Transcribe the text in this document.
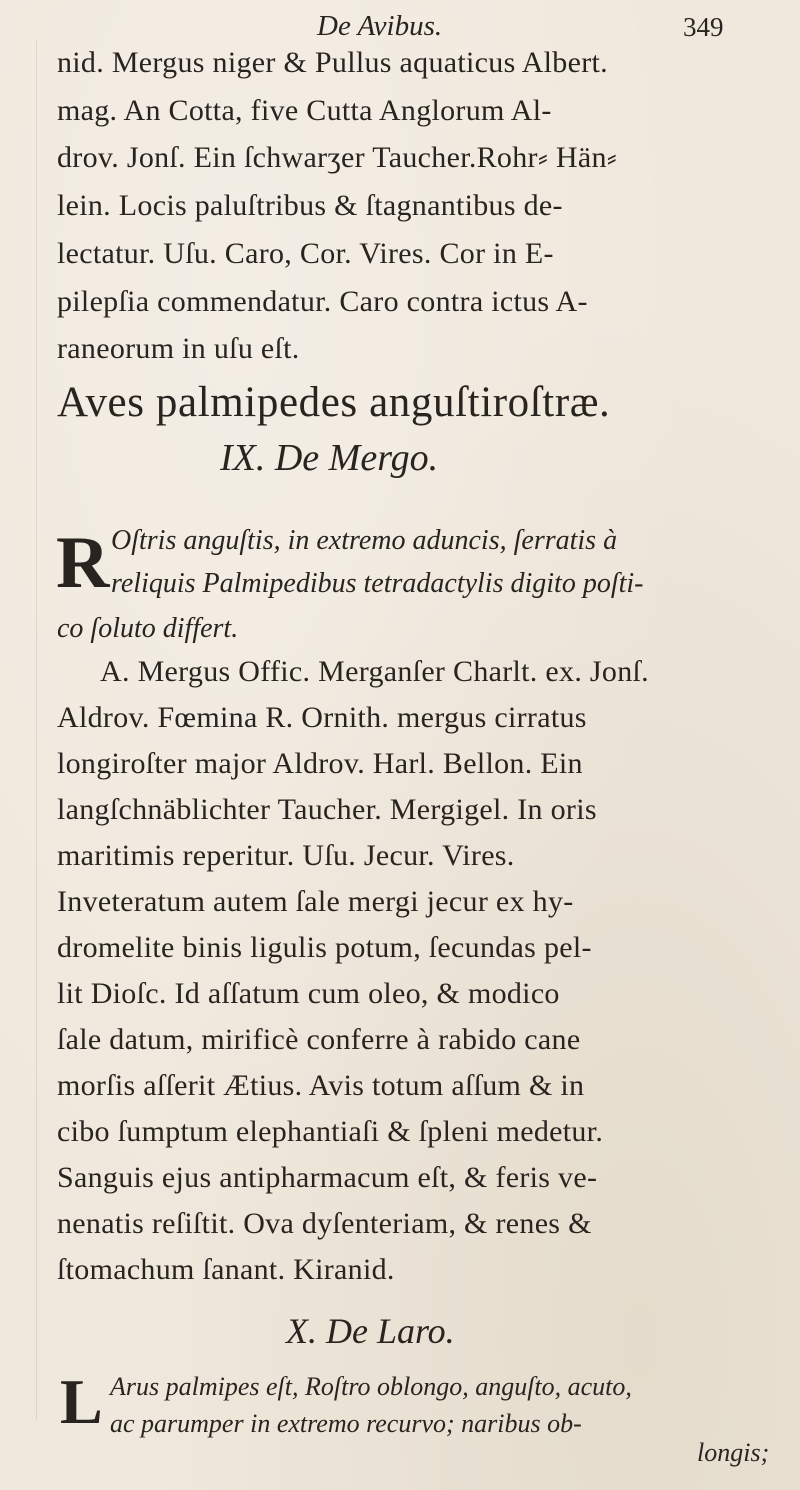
De Avibus.	349
nid. Mergus niger & Pullus aquaticus Albert.
mag. An Cotta, five Cutta Anglorum Al-
drov. Jonſ. Ein ſchwarʒer Taucher.Rohr⸗ Hän⸗
lein. Locis paluſtribus & ſtagnantibus de-
lectatur. Uſu. Caro, Cor. Vires. Cor in E-
pilepſia commendatur. Caro contra ictus A-
raneorum in uſu eſt.
Aves palmipedes anguſtiroſtræ.
IX. De Mergo.
R Oſtris anguſtis, in extremo aduncis, ſerratis à
reliquis Palmipedibus tetradactylis digito poſti-
co ſoluto differt.
A. Mergus Offic. Merganſer Charlt. ex. Jonſ.
Aldrov. Fœmina R. Ornith. mergus cirratus
longiroſter major Aldrov. Harl. Bellon. Ein
langſchnäblichter Taucher. Mergigel. In oris
maritimis reperitur. Uſu. Jecur. Vires.
Inveteratum autem ſale mergi jecur ex hy-
dromelite binis ligulis potum, ſecundas pel-
lit Dioſc. Id aſſatum cum oleo, & modico
ſale datum, mirificè conferre à rabido cane
morſis aſſerit Ætius. Avis totum aſſum & in
cibo ſumptum elephantiaſi & ſpleni medetur.
Sanguis ejus antipharmacum eſt, & feris ve-
nenatis reſiſtit. Ova dyſenteriam, & renes &
ſtomachum ſanant. Kiranid.
X. De Laro.
L Arus palmipes eſt, Roſtro oblongo, anguſto, acuto,
ac parumper in extremo recurvo; naribus ob-
longis;
